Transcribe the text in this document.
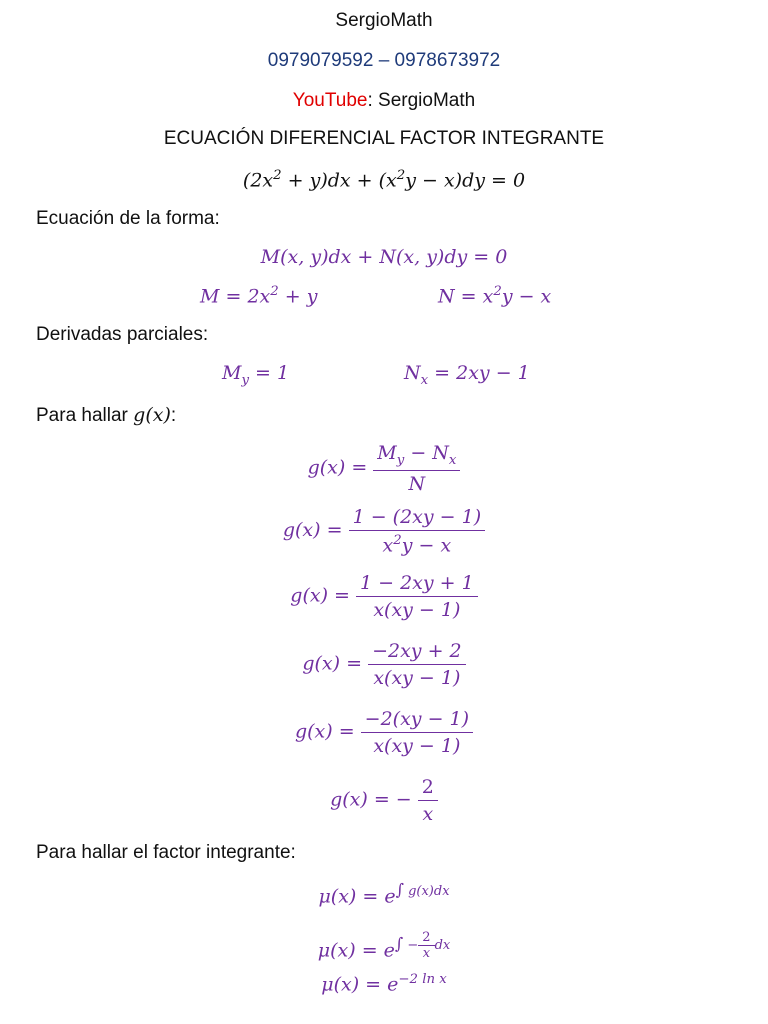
SergioMath
0979079592 – 0978673972
YouTube: SergioMath
ECUACIÓN DIFERENCIAL FACTOR INTEGRANTE
$(2x^2 + y)dx + (x^2y - x)dy = 0$
Ecuación de la forma:
M(x, y)dx + N(x, y)dy = 0
$M = 2x^2 + y$	$N = x^2y - x$
Derivadas parciales:
$M_y = 1$	$N_x = 2xy - 1$
Para hallar g(x):
$g(x) = \frac{M_y - N_x}{N}$
$g(x) = \frac{1 - (2xy - 1)}{x^2y - x}$
$g(x) = \frac{1 - 2xy + 1}{x(xy - 1)}$
$g(x) = \frac{-2xy + 2}{x(xy - 1)}$
$g(x) = \frac{-2(xy - 1)}{x(xy - 1)}$
g(x) = − $\frac{2}{x}$
Para hallar el factor integrante:
$\mu(x) = e^{\int g(x)dx}$
$\mu(x) = e^{\int - \frac{2}{x} dx}$
$\mu(x) = e^{-2 ln x}$
